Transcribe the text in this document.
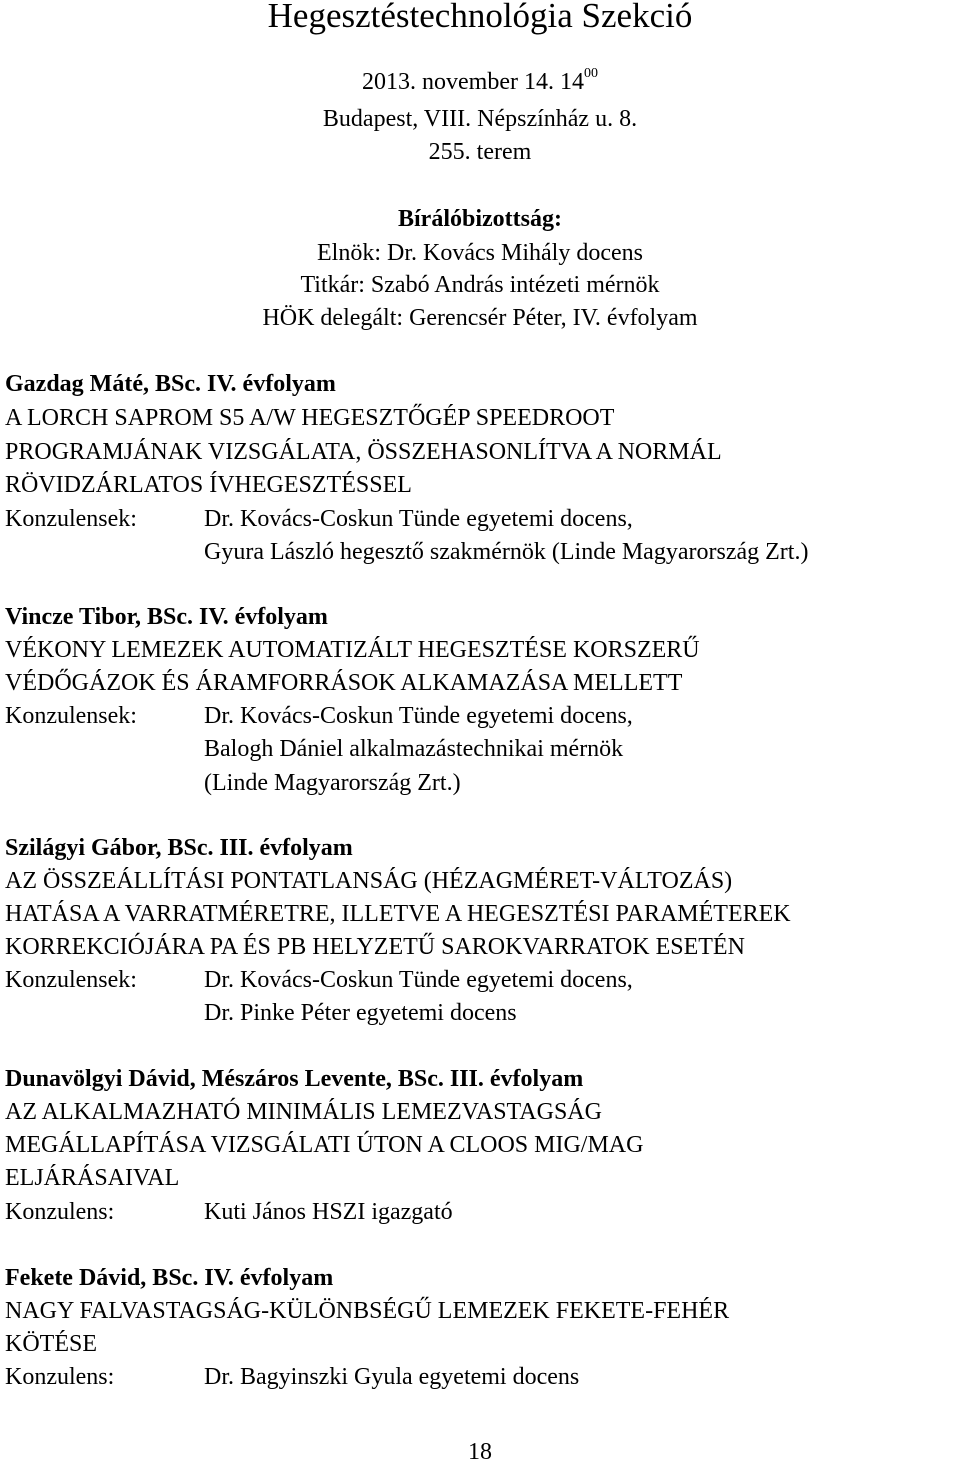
Hegesztéstechnológia Szekció
2013. november 14. $14^{00}$
Budapest, VIII. Népszínház u. 8.
255. terem
Bírálóbizottság:
Elnök: Dr. Kovács Mihály docens
Titkár: Szabó András intézeti mérnök
HÖK delegált: Gerencsér Péter, IV. évfolyam
Gazdag Máté, BSc. IV. évfolyam
A LORCH SAPROM S5 A/W HEGESZTŐGÉP SPEEDROOT
PROGRAMJÁNAK VIZSGÁLATA, ÖSSZEHASONLÍTVA A NORMÁL
RÖVIDZÁRLATOS ÍVHEGESZTÉSSEL
Konzulensek:	Dr. Kovács-Coskun Tünde egyetemi docens,
Gyura László hegesztő szakmérnök (Linde Magyarország Zrt.)
Vincze Tibor, BSc. IV. évfolyam
VÉKONY LEMEZEK AUTOMATIZÁLT HEGESZTÉSE KORSZERŰ
VÉDŐGÁZOK ÉS ÁRAMFORRÁSOK ALKAMAZÁSA MELLETT
Konzulensek:	Dr. Kovács-Coskun Tünde egyetemi docens,
Balogh Dániel alkalmazástechnikai mérnök
(Linde Magyarország Zrt.)
Szilágyi Gábor, BSc. III. évfolyam
AZ ÖSSZEÁLLÍTÁSI PONTATLANSÁG (HÉZAGMÉRET-VÁLTOZÁS)
HATÁSA A VARRATMÉRETRE, ILLETVE A HEGESZTÉSI PARAMÉTEREK
KORREKCIÓJÁRA PA ÉS PB HELYZETŰ SAROKVARRATOK ESETÉN
Konzulensek:	Dr. Kovács-Coskun Tünde egyetemi docens,
Dr. Pinke Péter egyetemi docens
Dunavölgyi Dávid, Mészáros Levente, BSc. III. évfolyam
AZ ALKALMAZHATÓ MINIMÁLIS LEMEZVASTAGSÁG
MEGÁLLAPÍTÁSA VIZSGÁLATI ÚTON A CLOOS MIG/MAG
ELJÁRÁSAIVAL
Konzulens:	Kuti János HSZI igazgató
Fekete Dávid, BSc. IV. évfolyam
NAGY FALVASTAGSÁG-KÜLÖNBSÉGŰ LEMEZEK FEKETE-FEHÉR
KÖTÉSE
Konzulens:	Dr. Bagyinszki Gyula egyetemi docens
18
